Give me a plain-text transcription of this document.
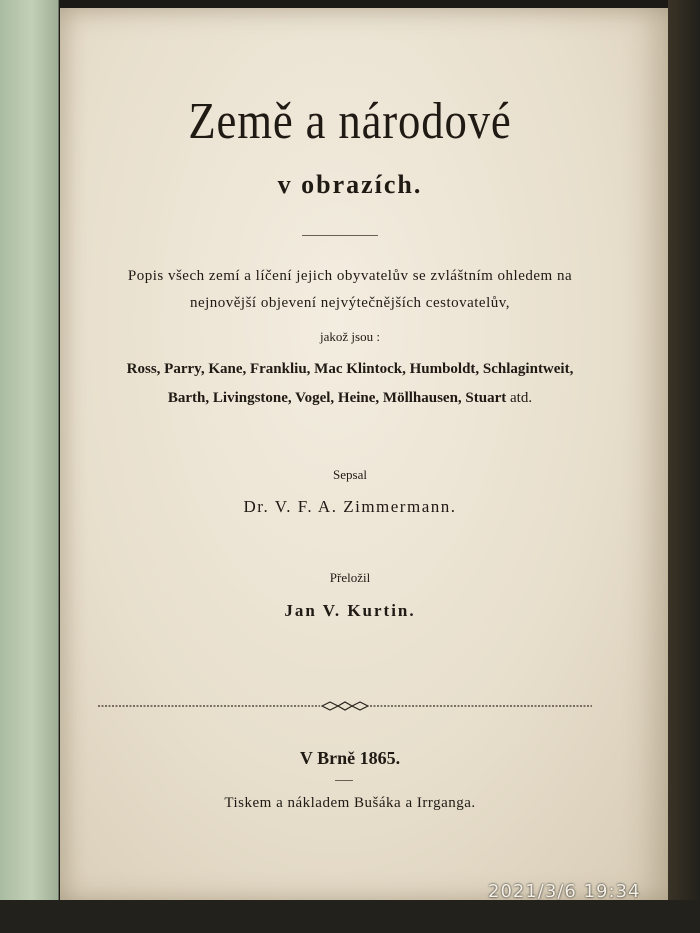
Země a národové
v obrazích.
Popis všech zemí a líčení jejich obyvatelův se zvláštním ohledem na
nejnovější objevení nejvýtečnějších cestovatelův,
jakož jsou :
Ross, Parry, Kane, Frankliu, Mac Klintock, Humboldt, Schlagintweit,
Barth, Livingstone, Vogel, Heine, Möllhausen, Stuart atd.
Sepsal
Dr. V. F. A. Zimmermann.
Přeložil
Jan V. Kurtin.
V Brně 1865.
Tiskem a nákladem Bušáka a Irrganga.
2021/3/6 19:34
